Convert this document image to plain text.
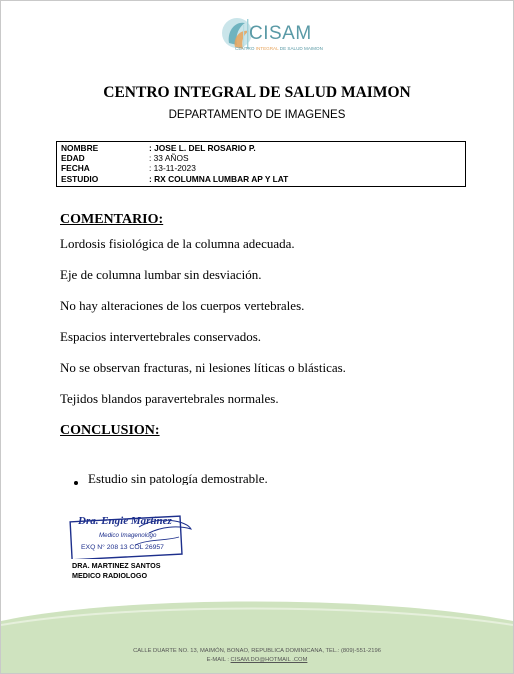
CISAM
CENTRO INTEGRAL DE SALUD MAIMON
CENTRO INTEGRAL DE SALUD MAIMON
DEPARTAMENTO DE IMAGENES
NOMBRE	: JOSE L. DEL ROSARIO P.
EDAD	: 33 AÑOS
FECHA	: 13-11-2023
ESTUDIO	: RX COLUMNA LUMBAR AP Y LAT
COMENTARIO:
Lordosis fisiológica de la columna adecuada.
Eje de columna lumbar sin desviación.
No hay alteraciones de los cuerpos vertebrales.
Espacios intervertebrales conservados.
No se observan fracturas, ni lesiones líticas o blásticas.
Tejidos blandos paravertebrales normales.
CONCLUSION:
Estudio sin patología demostrable.
Dra. Engie Martinez
Medico Imagenologo
EXQ N° 208 13 COL 26957
DRA. MARTINEZ SANTOS
MEDICO RADIOLOGO
CALLE DUARTE NO. 13, MAIMÓN, BONAO, REPUBLICA DOMINICANA, TEL.: (809)-551-2196
E-MAIL : CISAM.DO@HOTMAIL .COM
